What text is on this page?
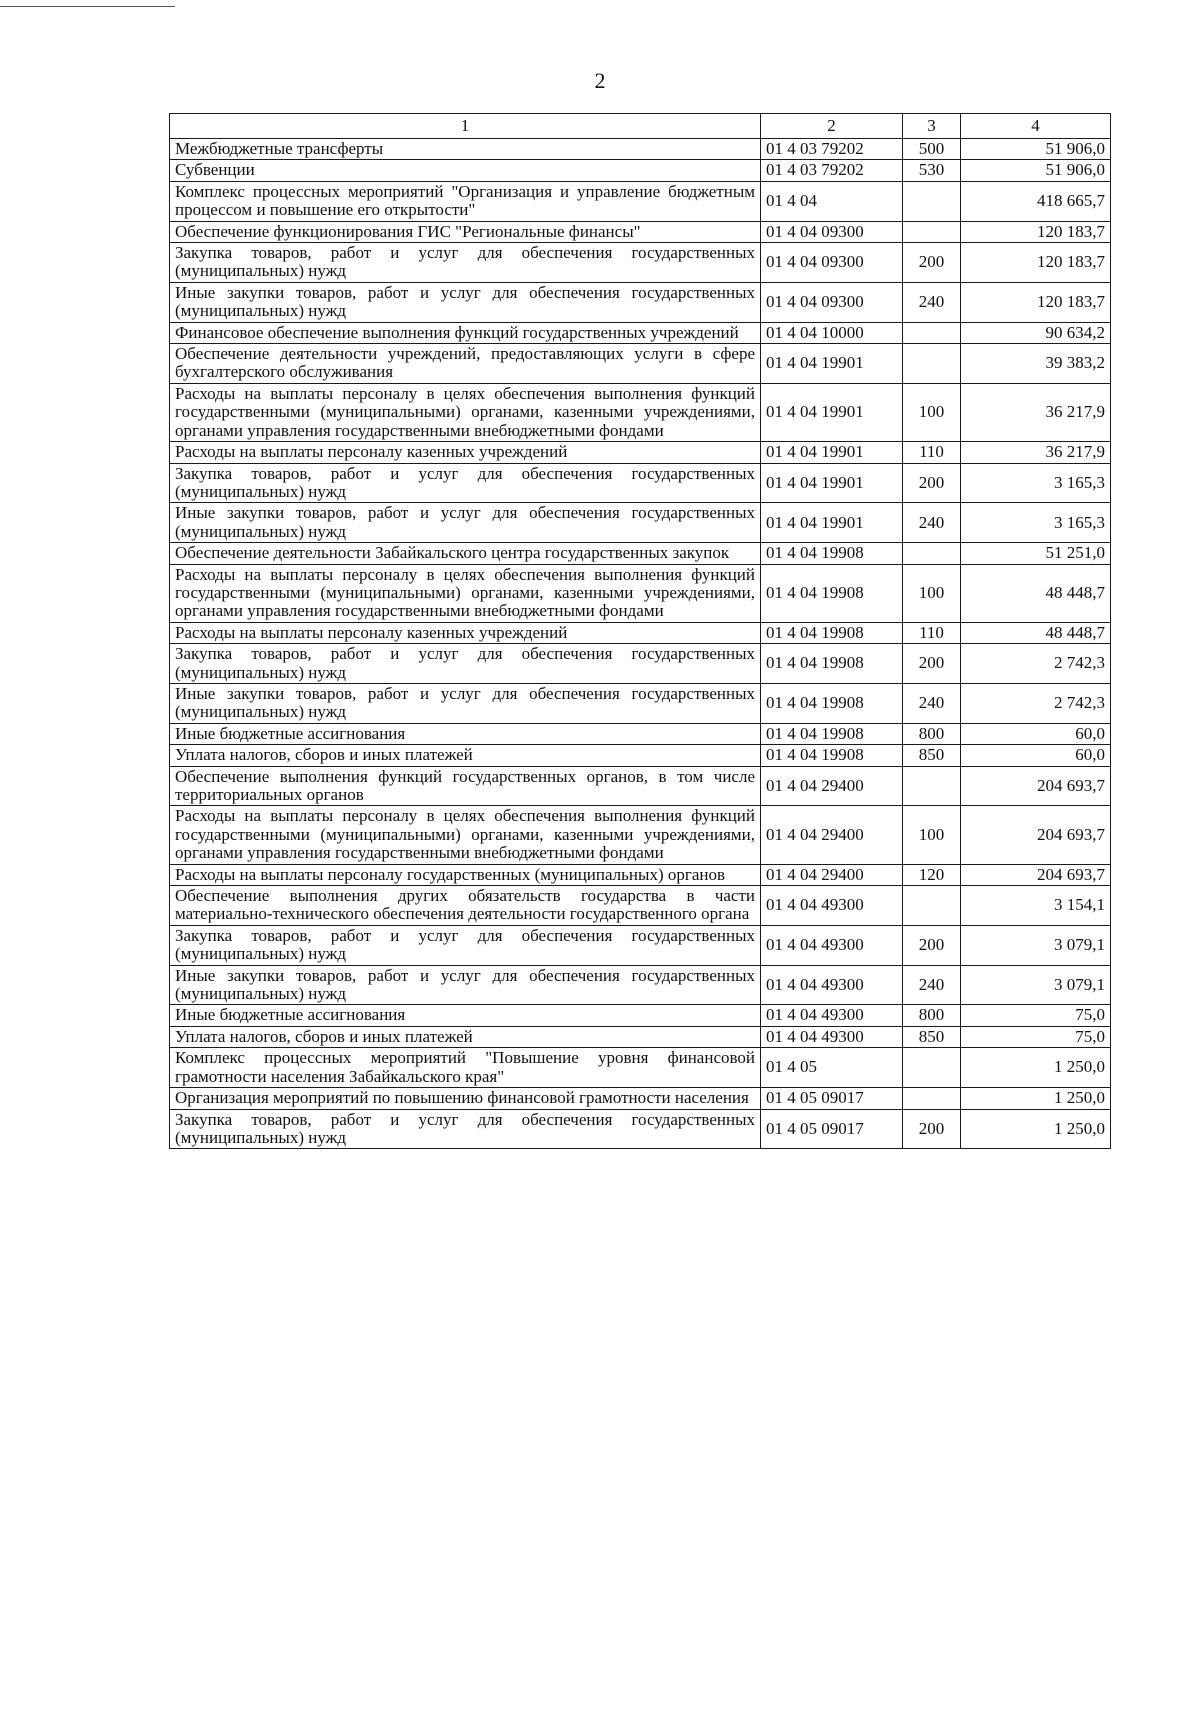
2
1	2	3	4
Межбюджетные трансферты	01 4 03 79202	500	51 906,0
Субвенции	01 4 03 79202	530	51 906,0
Комплекс процессных мероприятий "Организация и управление бюджетным процессом и повышение его открытости"	01 4 04		418 665,7
Обеспечение функционирования ГИС "Региональные финансы"	01 4 04 09300		120 183,7
Закупка товаров, работ и услуг для обеспечения государственных (муниципальных) нужд	01 4 04 09300	200	120 183,7
Иные закупки товаров, работ и услуг для обеспечения государственных (муниципальных) нужд	01 4 04 09300	240	120 183,7
Финансовое обеспечение выполнения функций государственных учреждений	01 4 04 10000		90 634,2
Обеспечение деятельности учреждений, предоставляющих услуги в сфере бухгалтерского обслуживания	01 4 04 19901		39 383,2
Расходы на выплаты персоналу в целях обеспечения выполнения функций государственными (муниципальными) органами, казенными учреждениями, органами управления государственными внебюджетными фондами	01 4 04 19901	100	36 217,9
Расходы на выплаты персоналу казенных учреждений	01 4 04 19901	110	36 217,9
Закупка товаров, работ и услуг для обеспечения государственных (муниципальных) нужд	01 4 04 19901	200	3 165,3
Иные закупки товаров, работ и услуг для обеспечения государственных (муниципальных) нужд	01 4 04 19901	240	3 165,3
Обеспечение деятельности Забайкальского центра государственных закупок	01 4 04 19908		51 251,0
Расходы на выплаты персоналу в целях обеспечения выполнения функций государственными (муниципальными) органами, казенными учреждениями, органами управления государственными внебюджетными фондами	01 4 04 19908	100	48 448,7
Расходы на выплаты персоналу казенных учреждений	01 4 04 19908	110	48 448,7
Закупка товаров, работ и услуг для обеспечения государственных (муниципальных) нужд	01 4 04 19908	200	2 742,3
Иные закупки товаров, работ и услуг для обеспечения государственных (муниципальных) нужд	01 4 04 19908	240	2 742,3
Иные бюджетные ассигнования	01 4 04 19908	800	60,0
Уплата налогов, сборов и иных платежей	01 4 04 19908	850	60,0
Обеспечение выполнения функций государственных органов, в том числе территориальных органов	01 4 04 29400		204 693,7
Расходы на выплаты персоналу в целях обеспечения выполнения функций государственными (муниципальными) органами, казенными учреждениями, органами управления государственными внебюджетными фондами	01 4 04 29400	100	204 693,7
Расходы на выплаты персоналу государственных (муниципальных) органов	01 4 04 29400	120	204 693,7
Обеспечение выполнения других обязательств государства в части материально-технического обеспечения деятельности государственного органа	01 4 04 49300		3 154,1
Закупка товаров, работ и услуг для обеспечения государственных (муниципальных) нужд	01 4 04 49300	200	3 079,1
Иные закупки товаров, работ и услуг для обеспечения государственных (муниципальных) нужд	01 4 04 49300	240	3 079,1
Иные бюджетные ассигнования	01 4 04 49300	800	75,0
Уплата налогов, сборов и иных платежей	01 4 04 49300	850	75,0
Комплекс процессных мероприятий "Повышение уровня финансовой грамотности населения Забайкальского края"	01 4 05		1 250,0
Организация мероприятий по повышению финансовой грамотности населения	01 4 05 09017		1 250,0
Закупка товаров, работ и услуг для обеспечения государственных (муниципальных) нужд	01 4 05 09017	200	1 250,0
